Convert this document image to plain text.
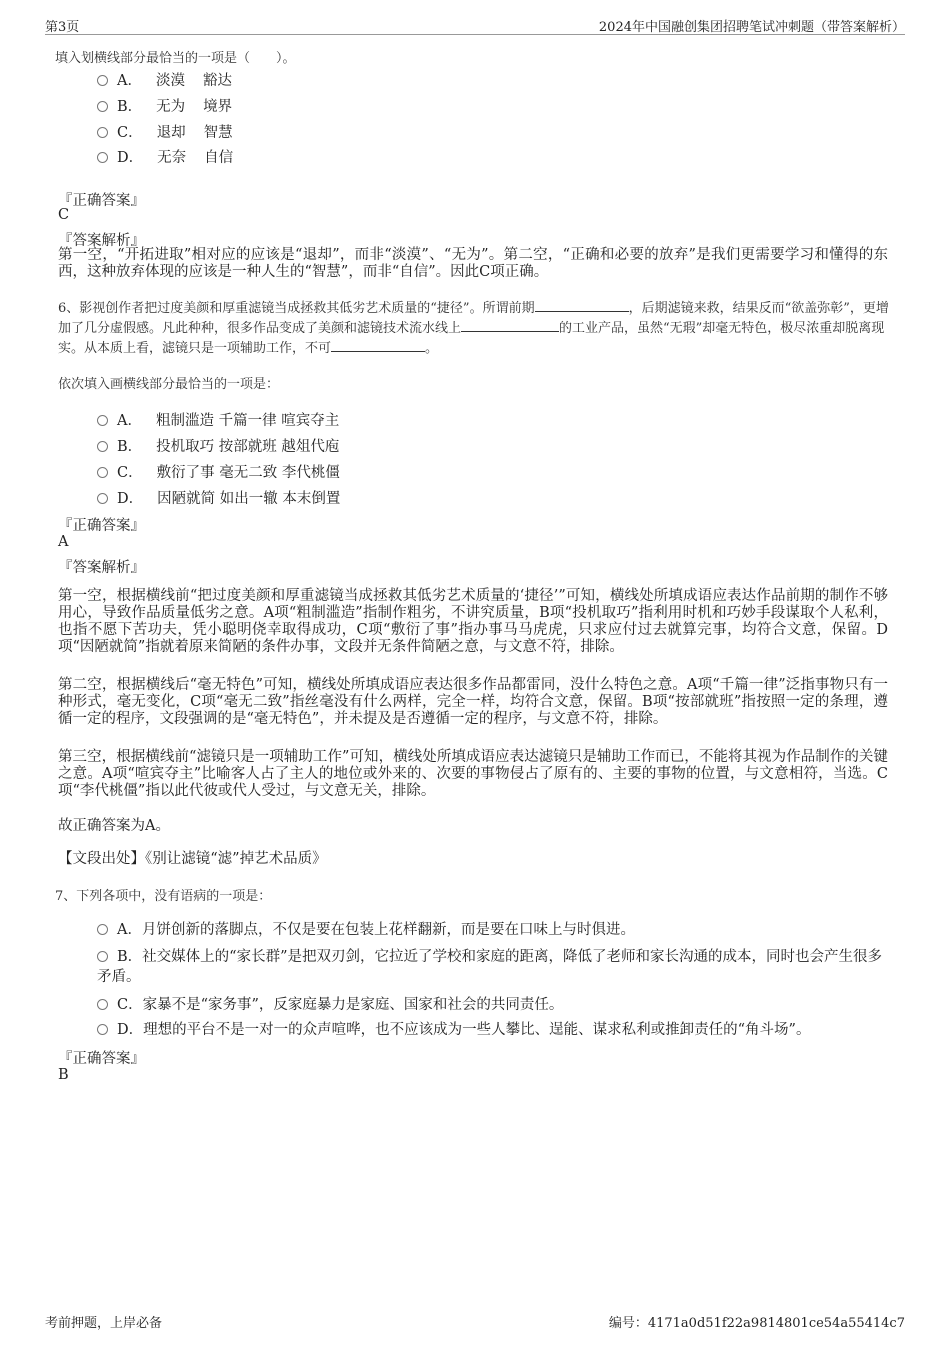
第3页	2024年中国融创集团招聘笔试冲刺题（带答案解析）
填入划横线部分最恰当的一项是（　　）。
A． 淡漠 豁达
B． 无为 境界
C． 退却 智慧
D． 无奈 自信
『正确答案』
C
『答案解析』
第一空，“开拓进取”相对应的应该是“退却”，而非“淡漠”、“无为”。第二空，“正确和必要的放弃”是我们更需要学习和懂得的东西，这种放弃体现的应该是一种人生的“智慧”，而非“自信”。因此C项正确。
6、影视创作者把过度美颜和厚重滤镜当成拯救其低劣艺术质量的“捷径”。所谓前期	，后期滤镜来救，结果反而“欲盖弥彰”，更增加了几分虚假感。凡此种种，很多作品变成了美颜和滤镜技术流水线上	的工业产品，虽然“无瑕”却毫无特色，极尽浓重却脱离现实。从本质上看，滤镜只是一项辅助工作，不可	。
依次填入画横线部分最恰当的一项是：
A． 粗制滥造 千篇一律 喧宾夺主
B． 投机取巧 按部就班 越俎代庖
C． 敷衍了事 毫无二致 李代桃僵
D． 因陋就简 如出一辙 本末倒置
『正确答案』
A
『答案解析』
第一空，根据横线前“把过度美颜和厚重滤镜当成拯救其低劣艺术质量的‘捷径’”可知，横线处所填成语应表达作品前期的制作不够用心，导致作品质量低劣之意。A项“粗制滥造”指制作粗劣，不讲究质量，B项“投机取巧”指利用时机和巧妙手段谋取个人私利，也指不愿下苦功夫，凭小聪明侥幸取得成功，C项“敷衍了事”指办事马马虎虎，只求应付过去就算完事，均符合文意，保留。D项“因陋就简”指就着原来简陋的条件办事，文段并无条件简陋之意，与文意不符，排除。
第二空，根据横线后“毫无特色”可知，横线处所填成语应表达很多作品都雷同，没什么特色之意。A项“千篇一律”泛指事物只有一种形式，毫无变化，C项“毫无二致”指丝毫没有什么两样，完全一样，均符合文意，保留。B项“按部就班”指按照一定的条理，遵循一定的程序，文段强调的是“毫无特色”，并未提及是否遵循一定的程序，与文意不符，排除。
第三空，根据横线前“滤镜只是一项辅助工作”可知，横线处所填成语应表达滤镜只是辅助工作而已，不能将其视为作品制作的关键之意。A项“喧宾夺主”比喻客人占了主人的地位或外来的、次要的事物侵占了原有的、主要的事物的位置，与文意相符，当选。C项“李代桃僵”指以此代彼或代人受过，与文意无关，排除。
故正确答案为A。
【文段出处】《别让滤镜“滤”掉艺术品质》
7、下列各项中，没有语病的一项是：
A．月饼创新的落脚点，不仅是要在包装上花样翻新，而是要在口味上与时俱进。
B．社交媒体上的“家长群”是把双刃剑，它拉近了学校和家庭的距离，降低了老师和家长沟通的成本，同时也会产生很多矛盾。
C．家暴不是“家务事”，反家庭暴力是家庭、国家和社会的共同责任。
D．理想的平台不是一对一的众声喧哗，也不应该成为一些人攀比、逞能、谋求私利或推卸责任的“角斗场”。
『正确答案』
B
考前押题，上岸必备	编号：4171a0d51f22a9814801ce54a55414c7
